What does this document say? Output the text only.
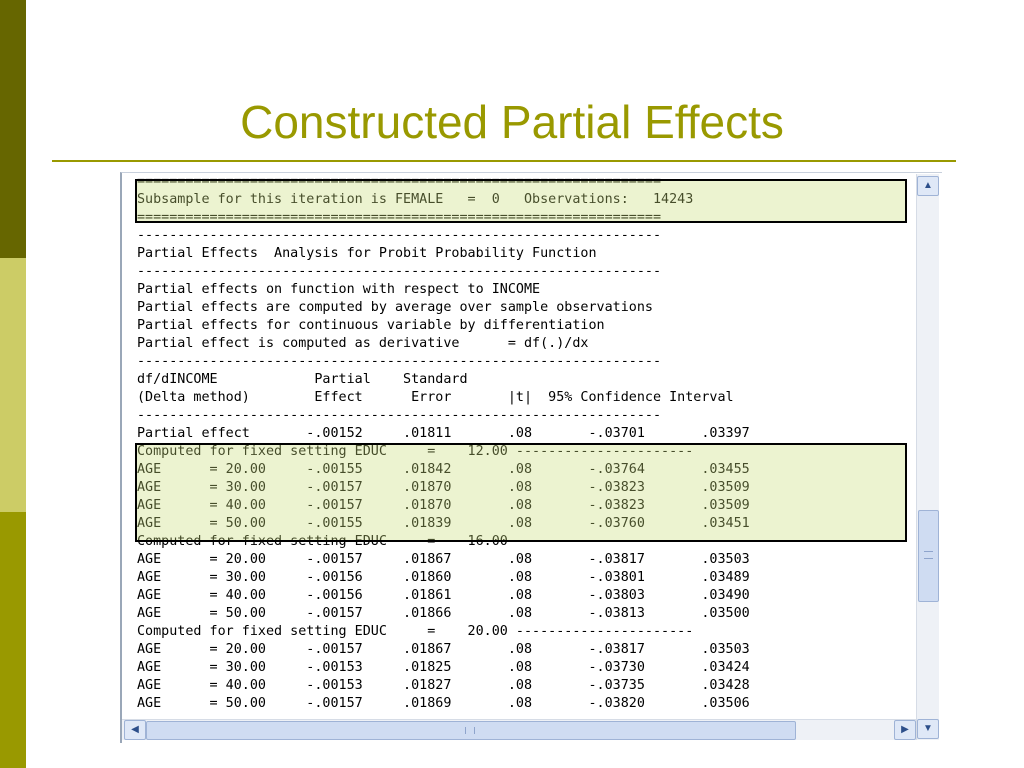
Constructed Partial Effects
=================================================================
Subsample for this iteration is FEMALE   =  0   Observations:   14243
=================================================================
-----------------------------------------------------------------
Partial Effects  Analysis for Probit Probability Function
-----------------------------------------------------------------
Partial effects on function with respect to INCOME
Partial effects are computed by average over sample observations
Partial effects for continuous variable by differentiation
Partial effect is computed as derivative      = df(.)/dx
-----------------------------------------------------------------
df/dINCOME            Partial    Standard
(Delta method)        Effect      Error       |t|  95% Confidence Interval
-----------------------------------------------------------------
Partial effect       -.00152     .01811       .08       -.03701       .03397
Computed for fixed setting EDUC     =    12.00 ----------------------
AGE      = 20.00     -.00155     .01842       .08       -.03764       .03455
AGE      = 30.00     -.00157     .01870       .08       -.03823       .03509
AGE      = 40.00     -.00157     .01870       .08       -.03823       .03509
AGE      = 50.00     -.00155     .01839       .08       -.03760       .03451
Computed for fixed setting EDUC     =    16.00 ----------------------
AGE      = 20.00     -.00157     .01867       .08       -.03817       .03503
AGE      = 30.00     -.00156     .01860       .08       -.03801       .03489
AGE      = 40.00     -.00156     .01861       .08       -.03803       .03490
AGE      = 50.00     -.00157     .01866       .08       -.03813       .03500
Computed for fixed setting EDUC     =    20.00 ----------------------
AGE      = 20.00     -.00157     .01867       .08       -.03817       .03503
AGE      = 30.00     -.00153     .01825       .08       -.03730       .03424
AGE      = 40.00     -.00153     .01827       .08       -.03735       .03428
AGE      = 50.00     -.00157     .01869       .08       -.03820       .03506
▲
▼
◀	▶
